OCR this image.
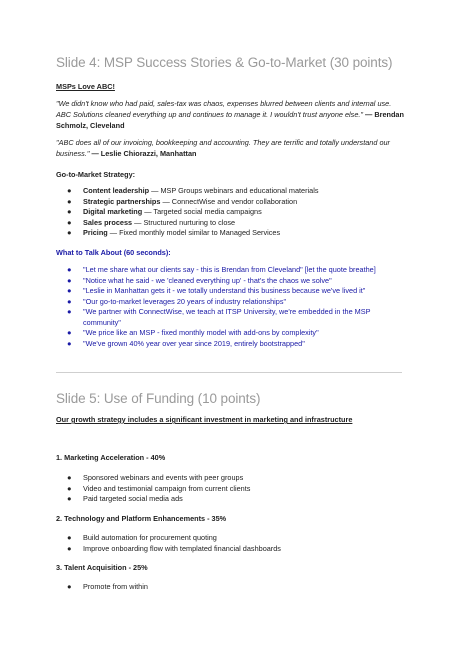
Slide 4: MSP Success Stories & Go-to-Market (30 points)
MSPs Love ABC!
"We didn't know who had paid, sales-tax was chaos, expenses blurred between clients and internal use. ABC Solutions cleaned everything up and continues to manage it. I wouldn't trust anyone else." — Brendan Schmolz, Cleveland
"ABC does all of our invoicing, bookkeeping and accounting. They are terrific and totally understand our business." — Leslie Chiorazzi, Manhattan
Go-to-Market Strategy:
● Content leadership — MSP Groups webinars and educational materials
● Strategic partnerships — ConnectWise and vendor collaboration
● Digital marketing — Targeted social media campaigns
● Sales process — Structured nurturing to close
● Pricing — Fixed monthly model similar to Managed Services
What to Talk About (60 seconds):
● "Let me share what our clients say - this is Brendan from Cleveland" [let the quote breathe]
● "Notice what he said - we 'cleaned everything up' - that's the chaos we solve"
● "Leslie in Manhattan gets it - we totally understand this business because we've lived it"
● "Our go-to-market leverages 20 years of industry relationships"
● "We partner with ConnectWise, we teach at ITSP University, we're embedded in the MSP community"
● "We price like an MSP - fixed monthly model with add-ons by complexity"
● "We've grown 40% year over year since 2019, entirely bootstrapped"
Slide 5: Use of Funding (10 points)
Our growth strategy includes a significant investment in marketing and infrastructure
1. Marketing Acceleration - 40%
● Sponsored webinars and events with peer groups
● Video and testimonial campaign from current clients
● Paid targeted social media ads
2. Technology and Platform Enhancements - 35%
● Build automation for procurement quoting
● Improve onboarding flow with templated financial dashboards
3. Talent Acquisition - 25%
● Promote from within
